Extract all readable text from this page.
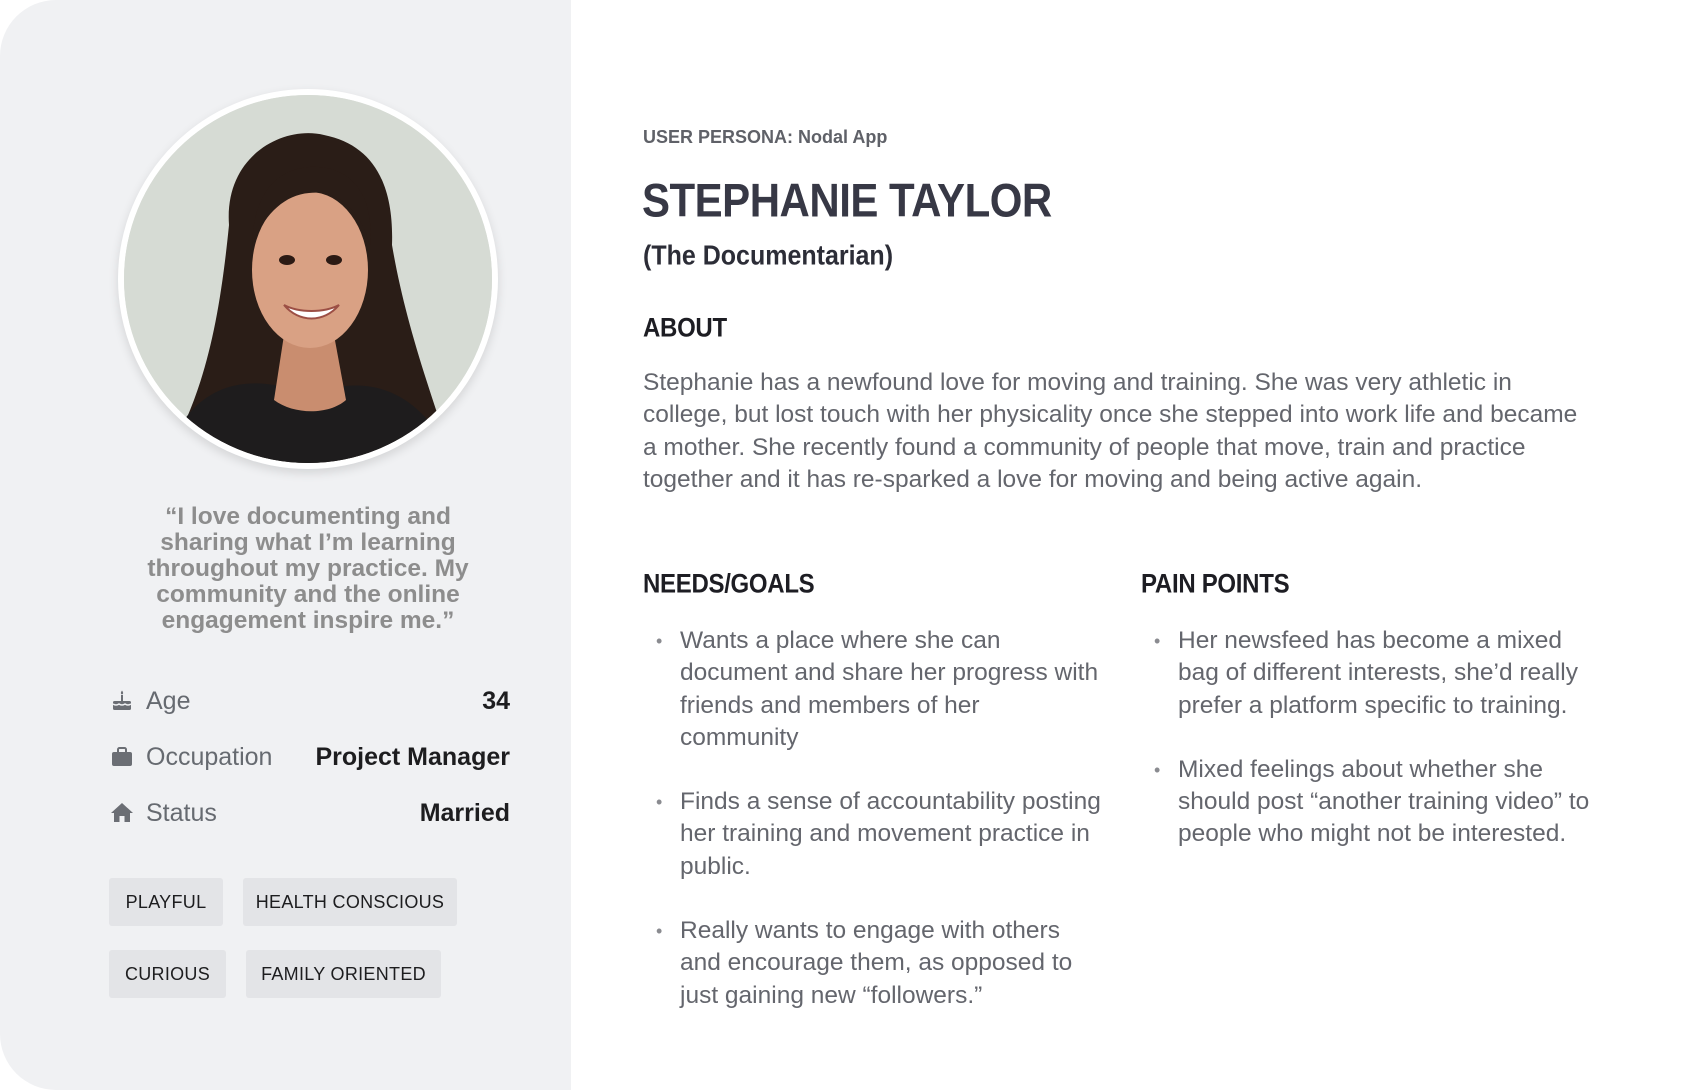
“I love documenting and sharing what I’m learning throughout my practice. My community and the online engagement inspire me.”
Age	34
Occupation Project Manager
Status	Married
PLAYFUL	HEALTH CONSCIOUS
CURIOUS	FAMILY ORIENTED
USER PERSONA: Nodal App
STEPHANIE TAYLOR
(The Documentarian)
ABOUT
Stephanie has a newfound love for moving and training. She was very athletic in college, but lost touch with her physicality once she stepped into work life and became a mother. She recently found a community of people that move, train and practice together and it has re-sparked a love for moving and being active again.
NEEDS/GOALS
• Wants a place where she can document and share her progress with friends and members of her community
• Finds a sense of accountability posting her training and movement practice in public.
• Really wants to engage with others and encourage them, as opposed to just gaining new “followers.”
PAIN POINTS
• Her newsfeed has become a mixed bag of different interests, she’d really prefer a platform specific to training.
• Mixed feelings about whether she should post “another training video” to people who might not be interested.
